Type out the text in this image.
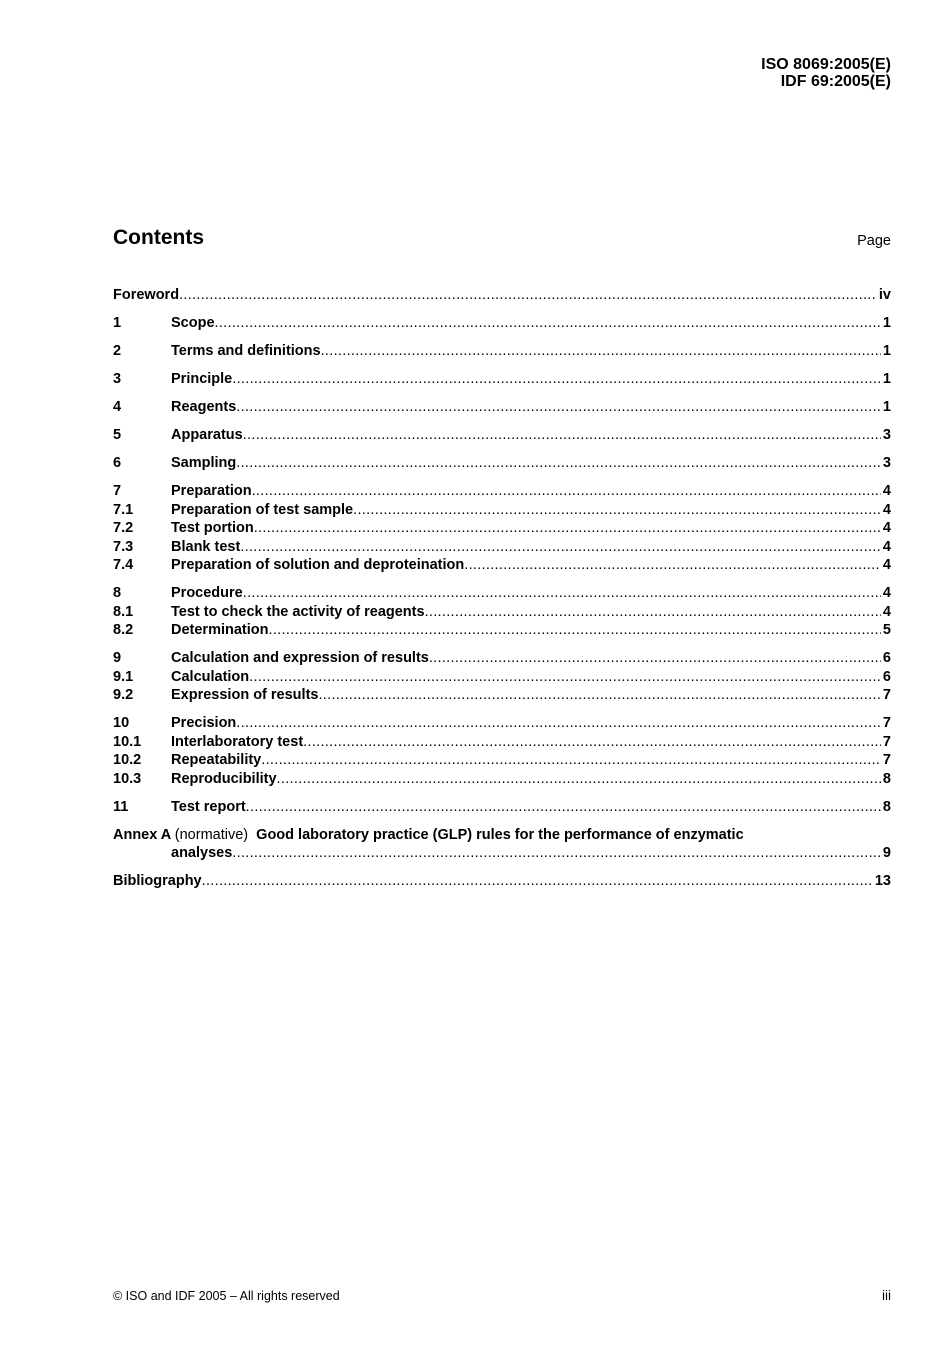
ISO 8069:2005(E)
IDF 69:2005(E)
Contents	Page
Foreword .....	iv
1	Scope .....	1
2	Terms and definitions .....	1
3	Principle .....	1
4	Reagents .....	1
5	Apparatus .....	3
6	Sampling .....	3
7	Preparation .....	4
7.1	Preparation of test sample .....	4
7.2	Test portion .....	4
7.3	Blank test .....	4
7.4	Preparation of solution and deproteination .....	4
8	Procedure .....	4
8.1	Test to check the activity of reagents .....	4
8.2	Determination .....	5
9	Calculation and expression of results .....	6
9.1	Calculation .....	6
9.2	Expression of results .....	7
10	Precision .....	7
10.1	Interlaboratory test .....	7
10.2	Repeatability .....	7
10.3	Reproducibility .....	8
11	Test report .....	8
Annex A (normative) Good laboratory practice (GLP) rules for the performance of enzymatic
analyses .....	9
Bibliography .....	13
© ISO and IDF 2005 – All rights reserved	iii
